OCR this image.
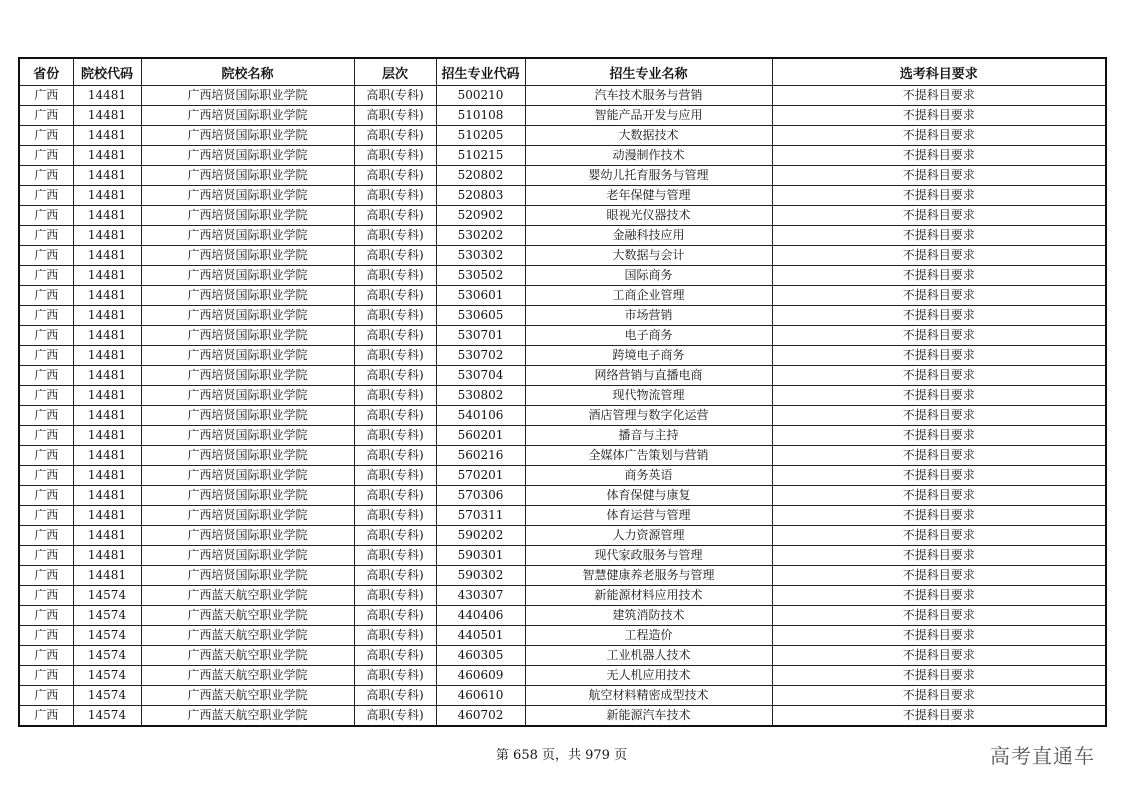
省份	院校代码	院校名称	层次	招生专业代码	招生专业名称	选考科目要求
广西	14481	广西培贤国际职业学院	高职(专科)	500210	汽车技术服务与营销	不提科目要求
广西	14481	广西培贤国际职业学院	高职(专科)	510108	智能产品开发与应用	不提科目要求
广西	14481	广西培贤国际职业学院	高职(专科)	510205	大数据技术	不提科目要求
广西	14481	广西培贤国际职业学院	高职(专科)	510215	动漫制作技术	不提科目要求
广西	14481	广西培贤国际职业学院	高职(专科)	520802	婴幼儿托育服务与管理	不提科目要求
广西	14481	广西培贤国际职业学院	高职(专科)	520803	老年保健与管理	不提科目要求
广西	14481	广西培贤国际职业学院	高职(专科)	520902	眼视光仪器技术	不提科目要求
广西	14481	广西培贤国际职业学院	高职(专科)	530202	金融科技应用	不提科目要求
广西	14481	广西培贤国际职业学院	高职(专科)	530302	大数据与会计	不提科目要求
广西	14481	广西培贤国际职业学院	高职(专科)	530502	国际商务	不提科目要求
广西	14481	广西培贤国际职业学院	高职(专科)	530601	工商企业管理	不提科目要求
广西	14481	广西培贤国际职业学院	高职(专科)	530605	市场营销	不提科目要求
广西	14481	广西培贤国际职业学院	高职(专科)	530701	电子商务	不提科目要求
广西	14481	广西培贤国际职业学院	高职(专科)	530702	跨境电子商务	不提科目要求
广西	14481	广西培贤国际职业学院	高职(专科)	530704	网络营销与直播电商	不提科目要求
广西	14481	广西培贤国际职业学院	高职(专科)	530802	现代物流管理	不提科目要求
广西	14481	广西培贤国际职业学院	高职(专科)	540106	酒店管理与数字化运营	不提科目要求
广西	14481	广西培贤国际职业学院	高职(专科)	560201	播音与主持	不提科目要求
广西	14481	广西培贤国际职业学院	高职(专科)	560216	全媒体广告策划与营销	不提科目要求
广西	14481	广西培贤国际职业学院	高职(专科)	570201	商务英语	不提科目要求
广西	14481	广西培贤国际职业学院	高职(专科)	570306	体育保健与康复	不提科目要求
广西	14481	广西培贤国际职业学院	高职(专科)	570311	体育运营与管理	不提科目要求
广西	14481	广西培贤国际职业学院	高职(专科)	590202	人力资源管理	不提科目要求
广西	14481	广西培贤国际职业学院	高职(专科)	590301	现代家政服务与管理	不提科目要求
广西	14481	广西培贤国际职业学院	高职(专科)	590302	智慧健康养老服务与管理	不提科目要求
广西	14574	广西蓝天航空职业学院	高职(专科)	430307	新能源材料应用技术	不提科目要求
广西	14574	广西蓝天航空职业学院	高职(专科)	440406	建筑消防技术	不提科目要求
广西	14574	广西蓝天航空职业学院	高职(专科)	440501	工程造价	不提科目要求
广西	14574	广西蓝天航空职业学院	高职(专科)	460305	工业机器人技术	不提科目要求
广西	14574	广西蓝天航空职业学院	高职(专科)	460609	无人机应用技术	不提科目要求
广西	14574	广西蓝天航空职业学院	高职(专科)	460610	航空材料精密成型技术	不提科目要求
广西	14574	广西蓝天航空职业学院	高职(专科)	460702	新能源汽车技术	不提科目要求
第 658 页，共 979 页	高考直通车
